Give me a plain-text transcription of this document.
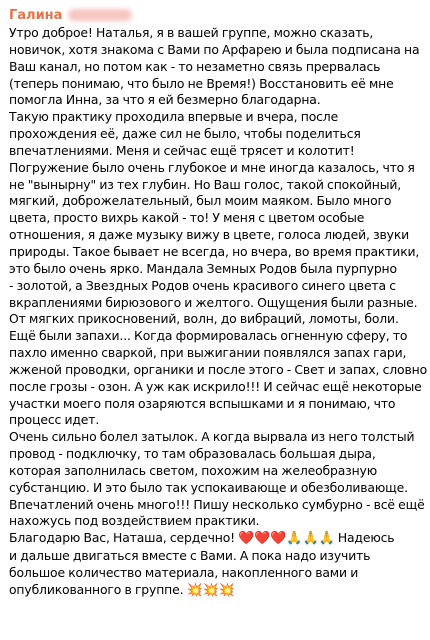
Галина
Утро доброе! Наталья, я в вашей группе, можно сказать,
новичок, хотя знакома с Вами по Арфарею и была подписана на
Ваш канал, но потом как - то незаметно связь прервалась
(теперь понимаю, что было не Время!) Восстановить её мне
помогла Инна, за что я ей безмерно благодарна.
Такую практику проходила впервые и вчера, после
прохождения её, даже сил не было, чтобы поделиться
впечатлениями. Меня и сейчас ещё трясет и колотит!
Погружение было очень глубокое и мне иногда казалось, что я
не "вынырну" из тех глубин. Но Ваш голос, такой спокойный,
мягкий, доброжелательный, был моим маяком. Было много
цвета, просто вихрь какой - то! У меня с цветом особые
отношения, я даже музыку вижу в цвете, голоса людей, звуки
природы. Такое бывает не всегда, но вчера, во время практики,
это было очень ярко. Мандала Земных Родов была пурпурно
- золотой, а Звездных Родов очень красивого синего цвета с
вкраплениями бирюзового и желтого. Ощущения были разные.
От мягких прикосновений, волн, до вибраций, ломоты, боли.
Ещё были запахи... Когда формировалась огненную сферу, то
пахло именно сваркой, при выжигании появлялся запах гари,
жженой проводки, органики и после этого - Свет и запах, словно
после грозы - озон. А уж как искрило!!! И сейчас ещё некоторые
участки моего поля озаряются вспышками и я понимаю, что
процесс идет.
Очень сильно болел затылок. А когда вырвала из него толстый
провод - подключку, то там образовалась большая дыра,
которая заполнилась светом, похожим на желеобразную
субстанцию. И это было так успокаивающе и обезболивающе.
Впечатлений очень много!!! Пишу несколько сумбурно - всё ещё
нахожусь под воздействием практики.
Благодарю Вас, Наташа, сердечно! ❤️❤️❤️🙏🙏🙏 Надеюсь
и дальше двигаться вместе с Вами. А пока надо изучить
большое количество материала, накопленного вами и
опубликованного в группе. 💥💥💥
